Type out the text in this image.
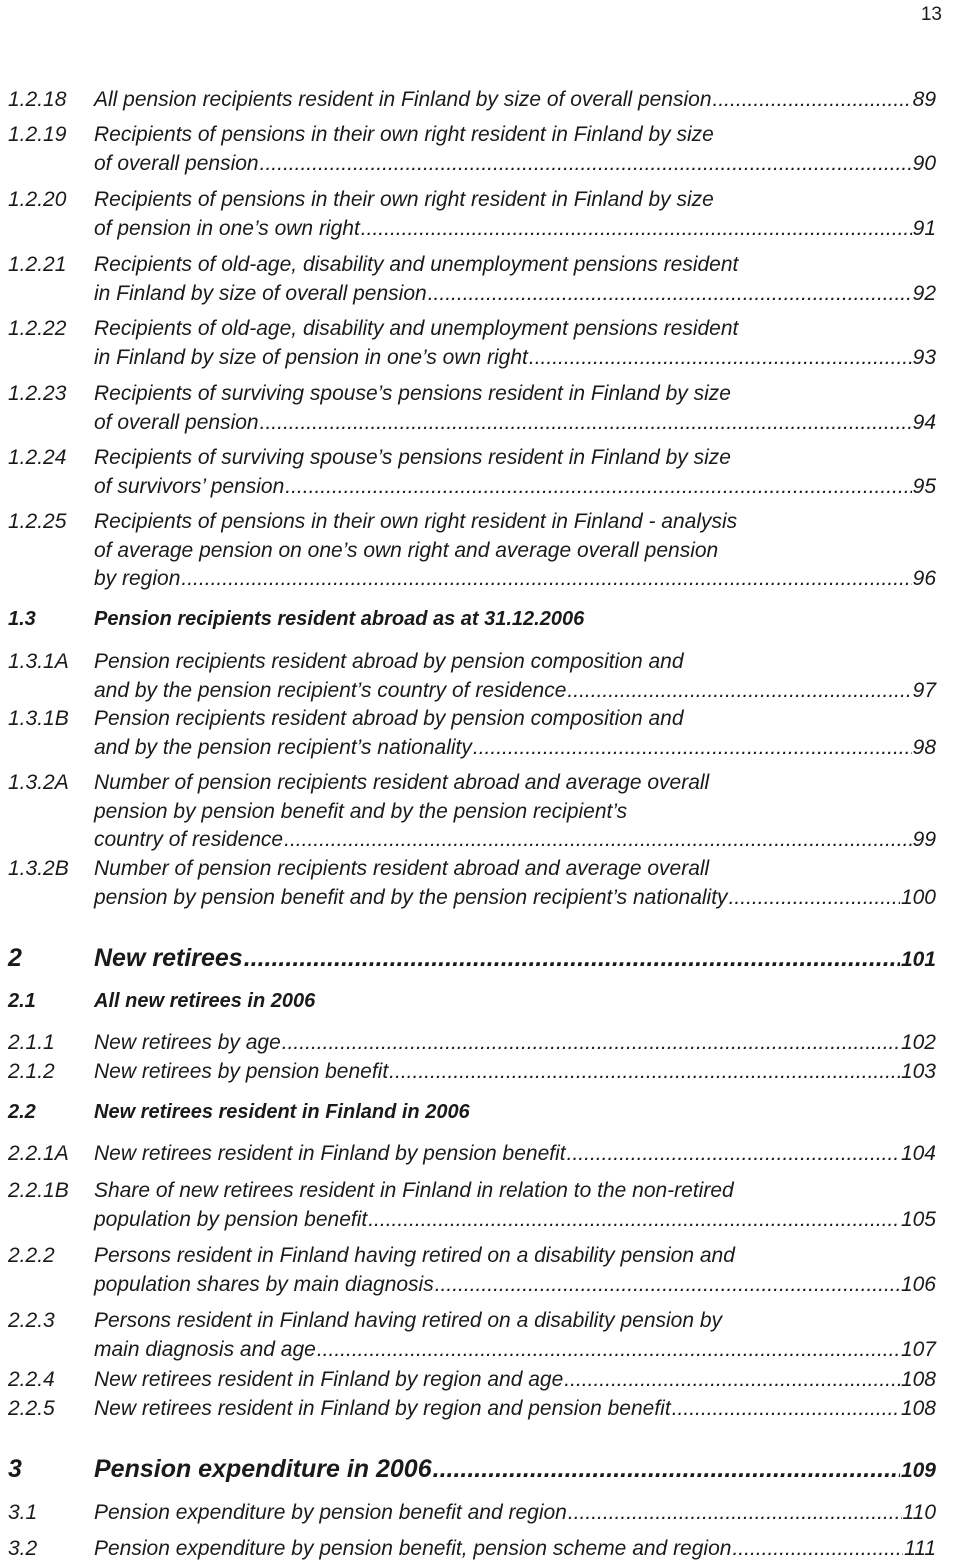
13
1.2.18 All pension recipients resident in Finland by size of overall pension .....	89
1.2.19 Recipients of pensions in their own right resident in Finland by size
of overall pension .....	90
1.2.20 Recipients of pensions in their own right resident in Finland by size
of pension in one’s own right .....	91
1.2.21 Recipients of old-age, disability and unemployment pensions resident
in Finland by size of overall pension .....	92
1.2.22 Recipients of old-age, disability and unemployment pensions resident
in Finland by size of pension in one’s own right .....	93
1.2.23 Recipients of surviving spouse’s pensions resident in Finland by size
of overall pension .....	94
1.2.24 Recipients of surviving spouse’s pensions resident in Finland by size
of survivors’ pension .....	95
1.2.25 Recipients of pensions in their own right resident in Finland - analysis
of average pension on one’s own right and average overall pension
by region .....	96
1.3	Pension recipients resident abroad as at 31.12.2006
1.3.1A Pension recipients resident abroad by pension composition and
and by the pension recipient’s country of residence .....	97
1.3.1B Pension recipients resident abroad by pension composition and
and by the pension recipient’s nationality .....	98
1.3.2A Number of pension recipients resident abroad and average overall
pension by pension benefit and by the pension recipient’s
country of residence .....	99
1.3.2B Number of pension recipients resident abroad and average overall
pension by pension benefit and by the pension recipient’s nationality .....	100
2	New retirees .....	101
2.1	All new retirees in 2006
2.1.1 New retirees by age .....	102
2.1.2 New retirees by pension benefit .....	103
2.2	New retirees resident in Finland in 2006
2.2.1A New retirees resident in Finland by pension benefit .....	104
2.2.1B Share of new retirees resident in Finland in relation to the non-retired
population by pension benefit .....	105
2.2.2 Persons resident in Finland having retired on a disability pension and
population shares by main diagnosis .....	106
2.2.3 Persons resident in Finland having retired on a disability pension by
main diagnosis and age .....	107
2.2.4 New retirees resident in Finland by region and age .....	108
2.2.5 New retirees resident in Finland by region and pension benefit .....	108
3	Pension expenditure in 2006 .....	109
3.1	Pension expenditure by pension benefit and region .....	110
3.2	Pension expenditure by pension benefit, pension scheme and region .....	111
